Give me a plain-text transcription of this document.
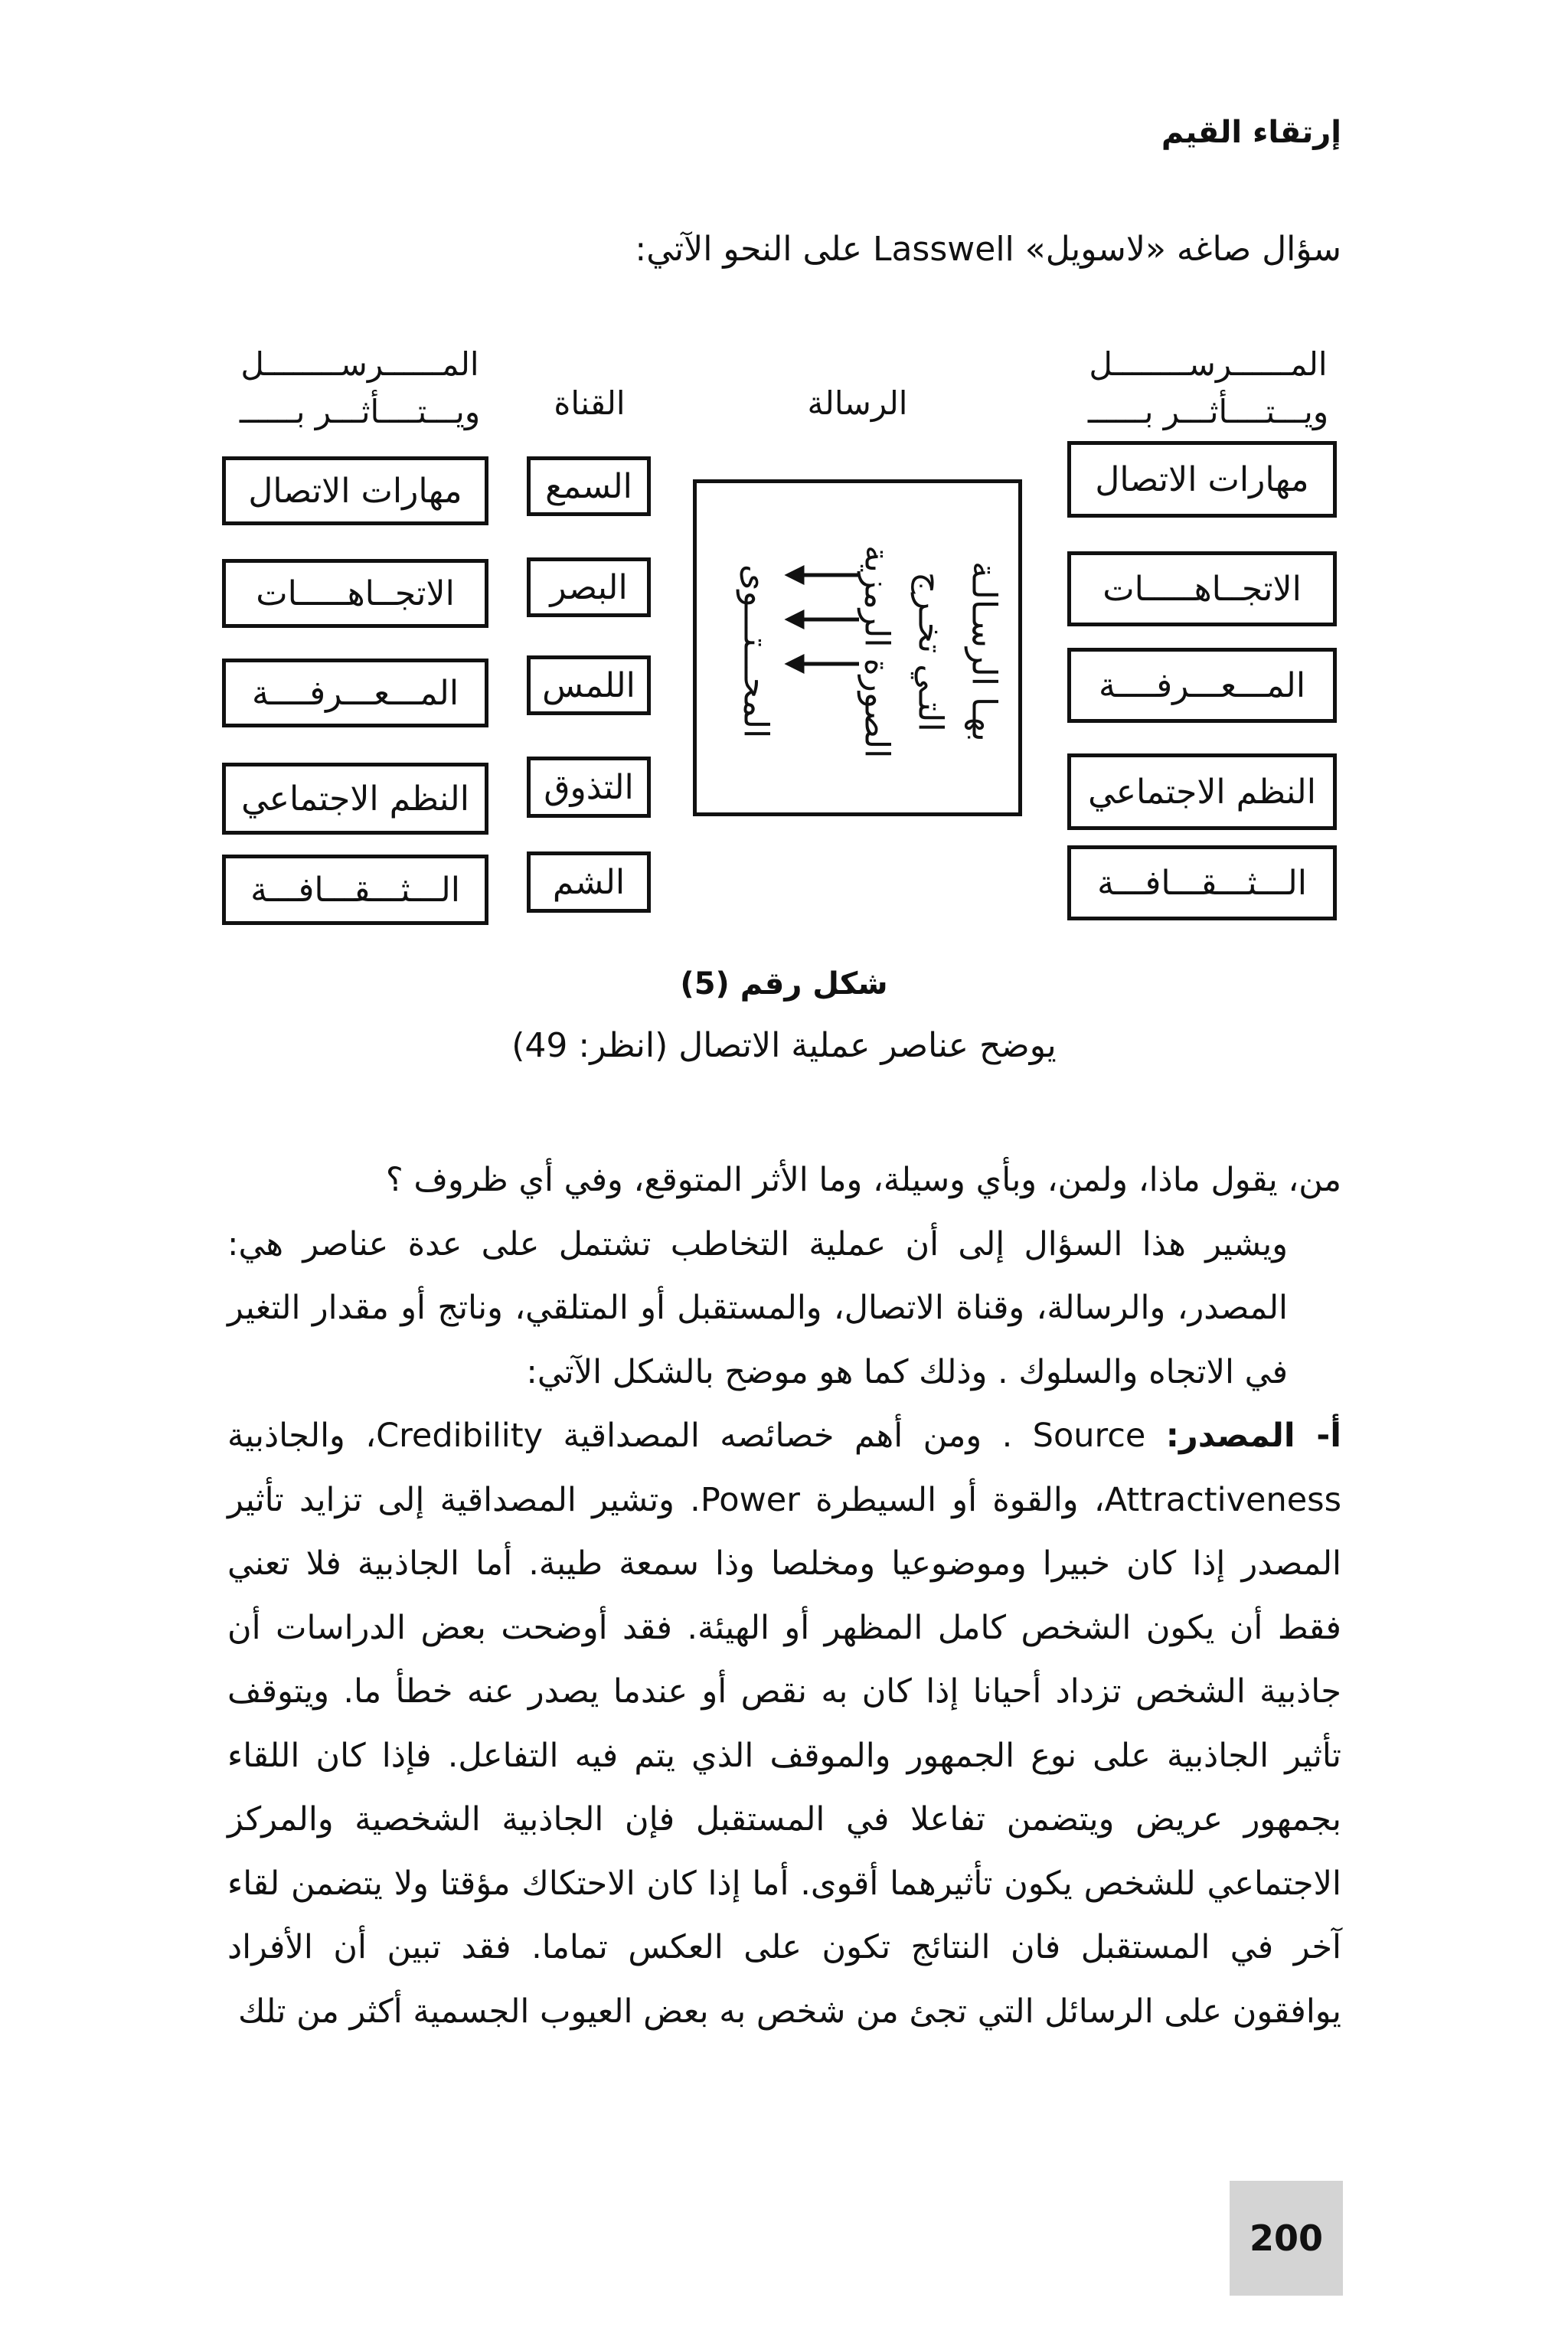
إرتقاء القيم
سؤال صاغه «لاسويل» Lasswell على النحو الآتي:
المــــــرســــــــل
ويـــتــــأثـــر بــــــ
الرسالة
القناة
المــــــرســــــــل
ويـــتــــأثـــر بــــــ
مهارات الاتصال
الاتجــاهـــــات
المـــعـــرفــــة
النظم الاجتماعي
الـــثـــقـــافـــة
بهـا الرسـالـة
التـي تخـرج
الصورة الرمزية
المحـــتـــوى
السمع
البصر
اللمس
التذوق
الشم
مهارات الاتصال
الاتجــاهـــــات
المـــعـــرفــــة
النظم الاجتماعي
الـــثـــقـــافـــة
شكل رقم (5)
يوضح عناصر عملية الاتصال (انظر: 49)

من، يقول ماذا، ولمن، وبأي وسيلة، وما الأثر المتوقع، وفي أي ظروف ؟

ويشير هذا السؤال إلى أن عملية التخاطب تشتمل على عدة عناصر هي: المصدر، والرسالة، وقناة الاتصال، والمستقبل أو المتلقي، وناتج أو مقدار التغير في الاتجاه والسلوك . وذلك كما هو موضح بالشكل الآتي:

أ- المصدر: Source . ومن أهم خصائصه المصداقية Credibility، والجاذبية Attractiveness، والقوة أو السيطرة Power. وتشير المصداقية إلى تزايد تأثير المصدر إذا كان خبيرا وموضوعيا ومخلصا وذا سمعة طيبة. أما الجاذبية فلا تعني فقط أن يكون الشخص كامل المظهر أو الهيئة. فقد أوضحت بعض الدراسات أن جاذبية الشخص تزداد أحيانا إذا كان به نقص أو عندما يصدر عنه خطأ ما. ويتوقف تأثير الجاذبية على نوع الجمهور والموقف الذي يتم فيه التفاعل. فإذا كان اللقاء بجمهور عريض ويتضمن تفاعلا في المستقبل فإن الجاذبية الشخصية والمركز الاجتماعي للشخص يكون تأثيرهما أقوى. أما إذا كان الاحتكاك مؤقتا ولا يتضمن لقاء آخر في المستقبل فان النتائج تكون على العكس تماما. فقد تبين أن الأفراد يوافقون على الرسائل التي تجئ من شخص به بعض العيوب الجسمية أكثر من تلك

200
